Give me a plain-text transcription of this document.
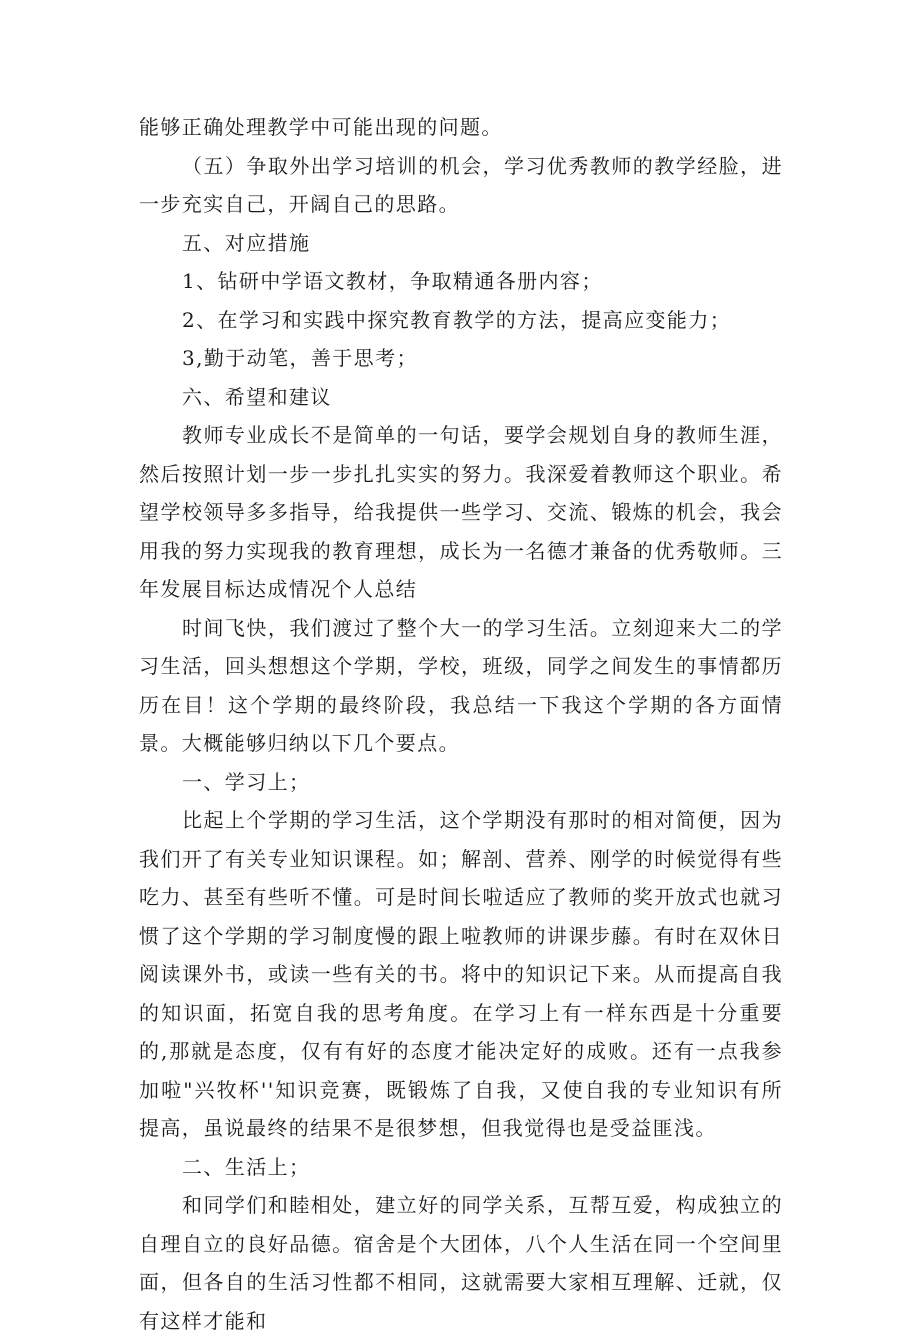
能够正确处理教学中可能出现的问题。

（五）争取外出学习培训的机会，学习优秀教师的教学经脸，进一步充实自己，开阔自己的思路。

五、对应措施

1、钻研中学语文教材，争取精通各册内容；

2、在学习和实践中探究教育教学的方法，提高应变能力；

3,勤于动笔，善于思考；

六、希望和建议

教师专业成长不是简单的一句话，要学会规划自身的教师生涯，然后按照计划一步一步扎扎实实的努力。我深爱着教师这个职业。希望学校领导多多指导，给我提供一些学习、交流、锻炼的机会，我会用我的努力实现我的教育理想，成长为一名德才兼备的优秀敬师。三年发展目标达成情况个人总结

时间飞快，我们渡过了整个大一的学习生活。立刻迎来大二的学习生活，回头想想这个学期，学校，班级，同学之间发生的事情都历历在目！这个学期的最终阶段，我总结一下我这个学期的各方面情景。大概能够归纳以下几个要点。

一、学习上；

比起上个学期的学习生活，这个学期没有那时的相对简便，因为我们开了有关专业知识课程。如；解剖、营养、刚学的时候觉得有些吃力、甚至有些听不懂。可是时间长啦适应了教师的奖开放式也就习惯了这个学期的学习制度慢的跟上啦教师的讲课步藤。有时在双休日阅读课外书，或读一些有关的书。将中的知识记下来。从而提高自我的知识面，拓宽自我的思考角度。在学习上有一样东西是十分重要的,那就是态度，仅有有好的态度才能决定好的成败。还有一点我参加啦"兴牧杯''知识竞赛，既锻炼了自我，又使自我的专业知识有所提高，虽说最终的结果不是很梦想，但我觉得也是受益匪浅。

二、生活上；

和同学们和睦相处，建立好的同学关系，互帮互爱，构成独立的自理自立的良好品德。宿舍是个大团体，八个人生活在同一个空间里面，但各自的生活习性都不相同，这就需要大家相互理解、迁就，仅有这样才能和
